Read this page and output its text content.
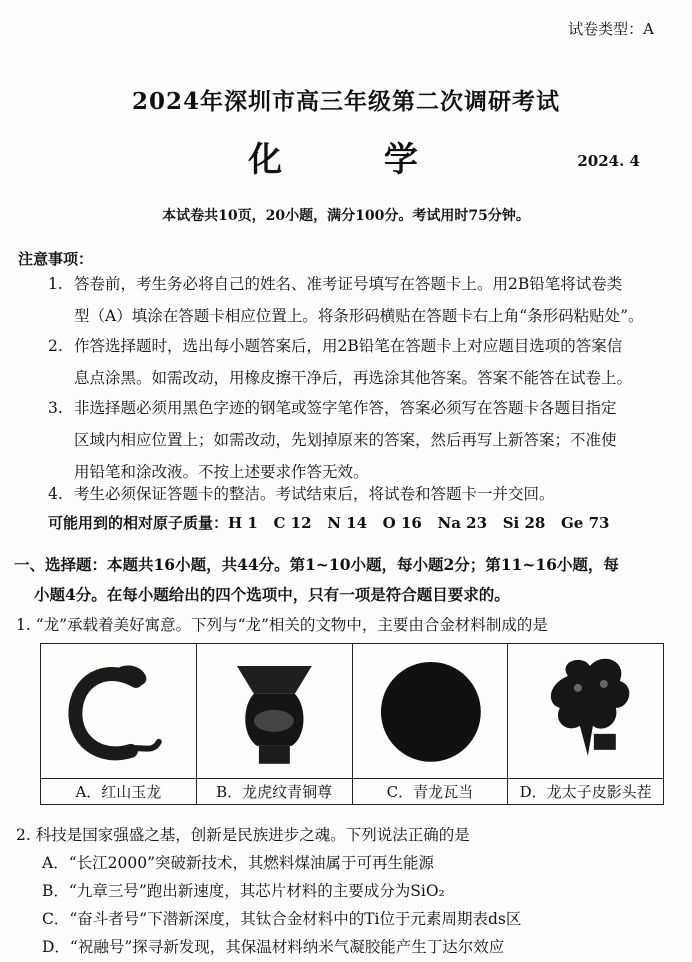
试卷类型：A
2024年深圳市高三年级第二次调研考试
化  学	2024. 4
本试卷共10页，20小题，满分100分。考试用时75分钟。
注意事项：
1. 答卷前，考生务必将自己的姓名、准考证号填写在答题卡上。用2B铅笔将试卷类
型（A）填涂在答题卡相应位置上。将条形码横贴在答题卡右上角“条形码粘贴处”。
2. 作答选择题时，选出每小题答案后，用2B铅笔在答题卡上对应题目选项的答案信
息点涂黑。如需改动，用橡皮擦干净后，再选涂其他答案。答案不能答在试卷上。
3. 非选择题必须用黑色字迹的钢笔或签字笔作答，答案必须写在答题卡各题目指定
区域内相应位置上；如需改动，先划掉原来的答案，然后再写上新答案；不准使
用铅笔和涂改液。不按上述要求作答无效。
4. 考生必须保证答题卡的整洁。考试结束后，将试卷和答题卡一并交回。
可能用到的相对原子质量：H 1   C 12   N 14   O 16   Na 23   Si 28   Ge 73
一、选择题：本题共16小题，共44分。第1~10小题，每小题2分；第11~16小题，每
小题4分。在每小题给出的四个选项中，只有一项是符合题目要求的。
1. “龙”承载着美好寓意。下列与“龙”相关的文物中，主要由合金材料制成的是
A．红山玉龙	B．龙虎纹青铜尊	C．青龙瓦当	D．龙太子皮影头茬
2. 科技是国家强盛之基，创新是民族进步之魂。下列说法正确的是
A．“长江2000”突破新技术，其燃料煤油属于可再生能源
B．“九章三号”跑出新速度，其芯片材料的主要成分为SiO₂
C．“奋斗者号”下潜新深度，其钛合金材料中的Ti位于元素周期表ds区
D．“祝融号”探寻新发现，其保温材料纳米气凝胶能产生丁达尔效应
